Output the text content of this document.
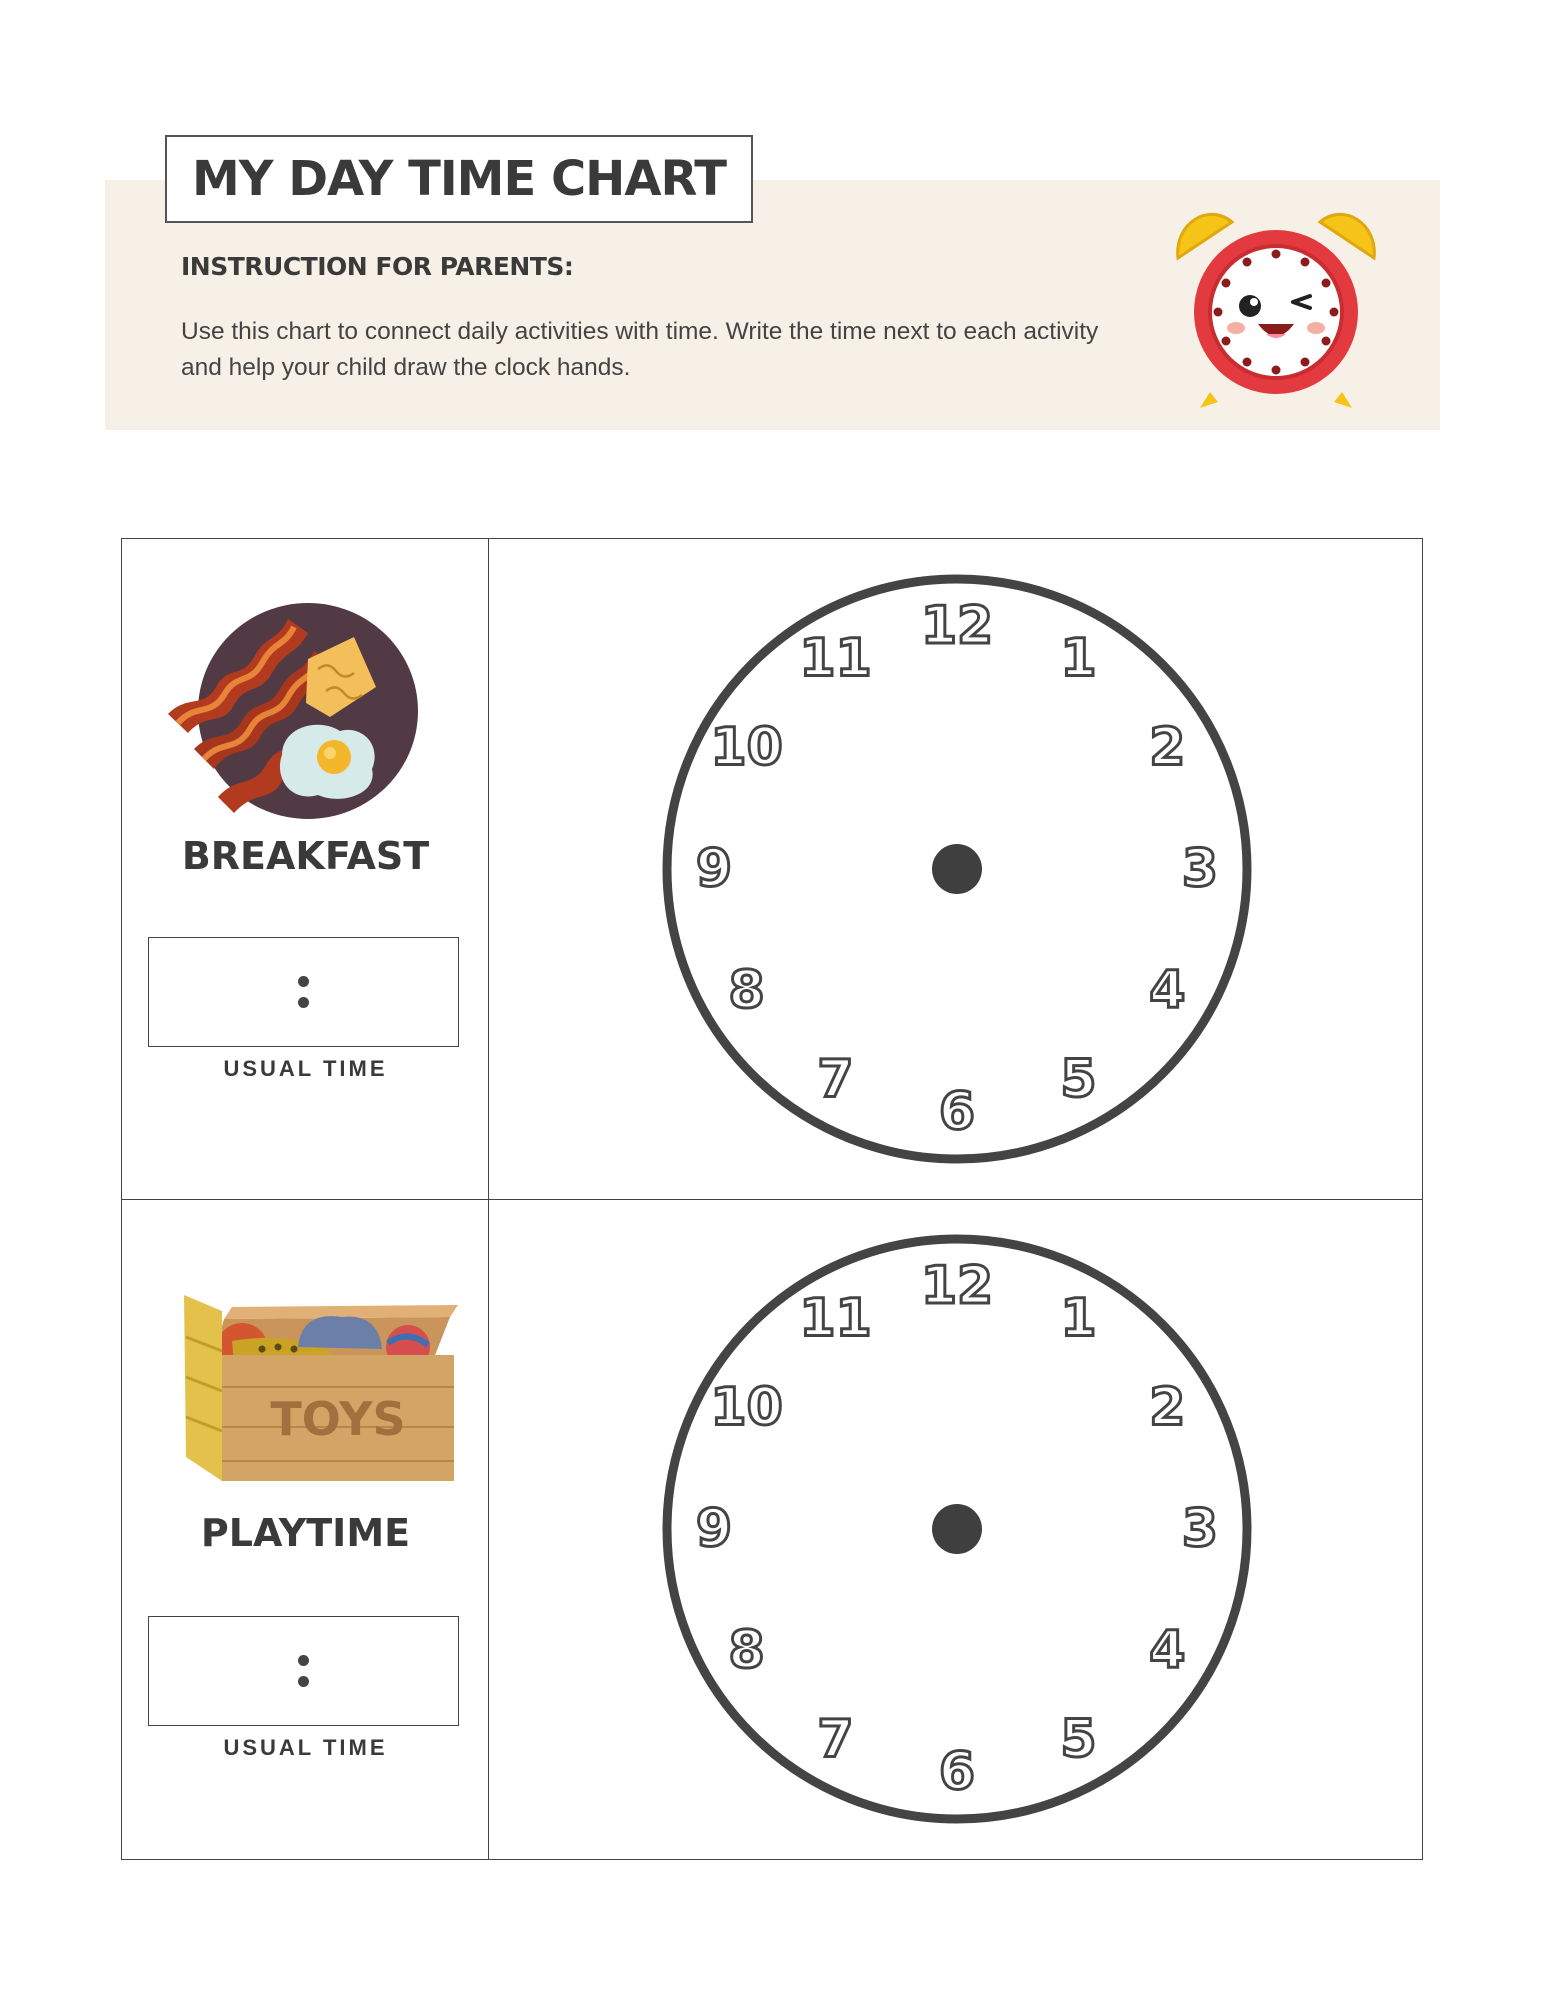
MY DAY TIME CHART
INSTRUCTION FOR PARENTS:
Use this chart to connect daily activities with time. Write the time next to each activity and help your child draw the clock hands.
BREAKFAST
USUAL TIME
12
1
2
3
4
5
6
7
8
9
10
11
TOYS
PLAYTIME
USUAL TIME
12
1
2
3
4
5
6
7
8
9
10
11
